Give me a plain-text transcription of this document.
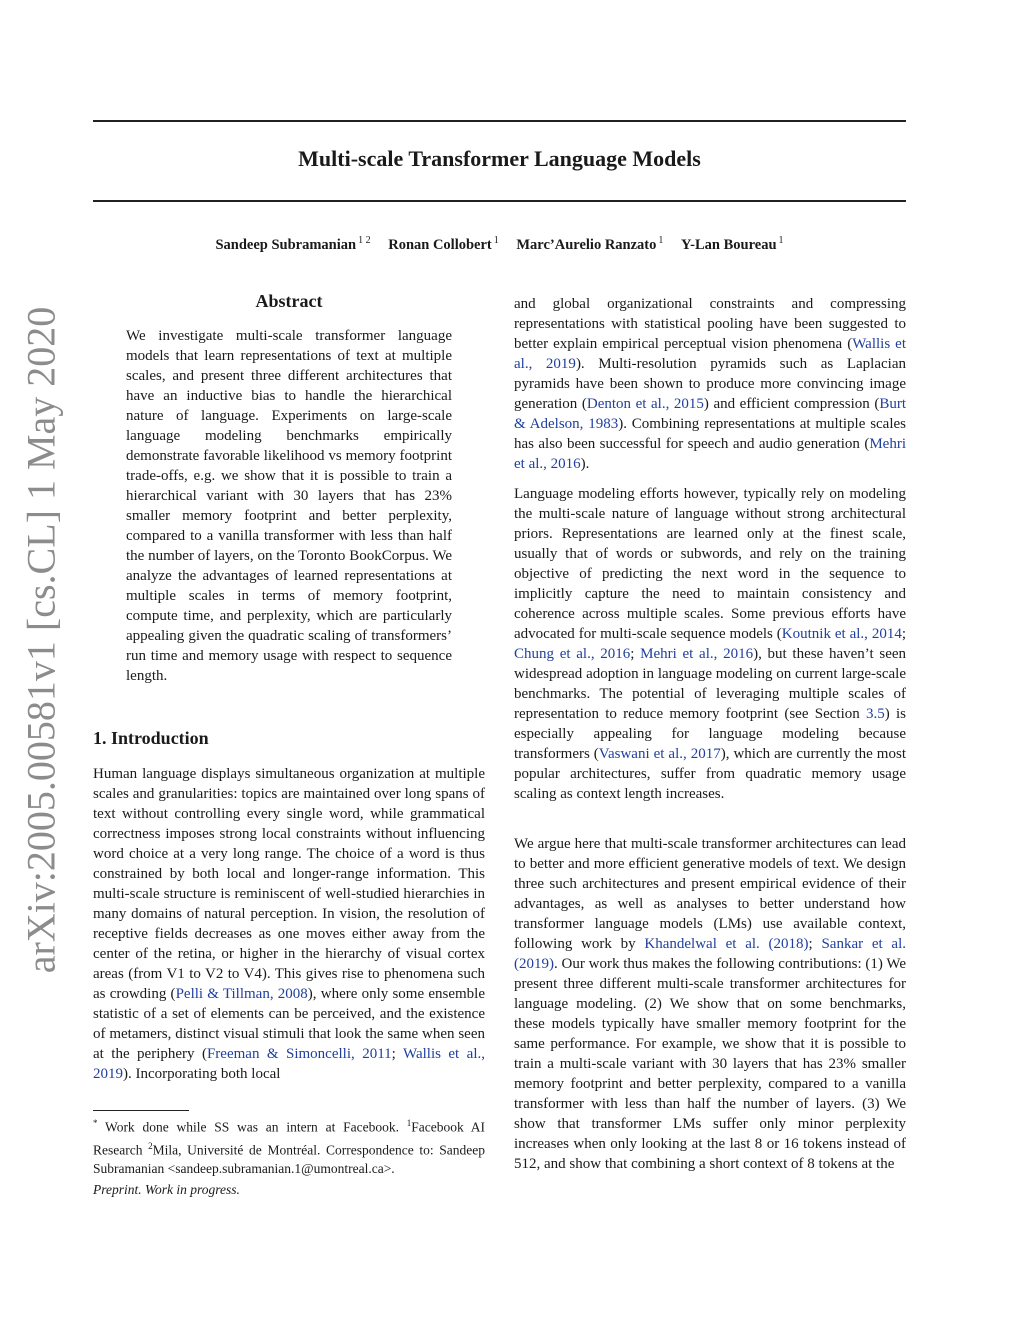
arXiv:2005.00581v1 [cs.CL] 1 May 2020
Multi-scale Transformer Language Models
Sandeep Subramanian $^{1 2}$ Ronan Collobert $^1$ Marc’Aurelio Ranzato $^1$ Y-Lan Boureau $^1$
Abstract

We investigate multi-scale transformer language models that learn representations of text at multiple scales, and present three different architectures that have an inductive bias to handle the hierarchical nature of language. Experiments on large-scale language modeling benchmarks empirically demonstrate favorable likelihood vs memory footprint trade-offs, e.g. we show that it is possible to train a hierarchical variant with 30 layers that has 23% smaller memory footprint and better perplexity, compared to a vanilla transformer with less than half the number of layers, on the Toronto BookCorpus. We analyze the advantages of learned representations at multiple scales in terms of memory footprint, compute time, and perplexity, which are particularly appealing given the quadratic scaling of transformers’ run time and memory usage with respect to sequence length.

1. Introduction

Human language displays simultaneous organization at multiple scales and granularities: topics are maintained over long spans of text without controlling every single word, while grammatical correctness imposes strong local constraints without influencing word choice at a very long range. The choice of a word is thus constrained by both local and longer-range information. This multi-scale structure is reminiscent of well-studied hierarchies in many domains of natural perception. In vision, the resolution of receptive fields decreases as one moves either away from the center of the retina, or higher in the hierarchy of visual cortex areas (from V1 to V2 to V4). This gives rise to phenomena such as crowding (Pelli & Tillman, 2008), where only some ensemble statistic of a set of elements can be perceived, and the existence of metamers, distinct visual stimuli that look the same when seen at the periphery (Freeman & Simoncelli, 2011; Wallis et al., 2019). Incorporating both local

* Work done while SS was an intern at Facebook. $^1$Facebook AI Research $^2$Mila, Université de Montréal. Correspondence to: Sandeep Subramanian <sandeep.subramanian.1@umontreal.ca>.

Preprint. Work in progress.

and global organizational constraints and compressing representations with statistical pooling have been suggested to better explain empirical perceptual vision phenomena (Wallis et al., 2019). Multi-resolution pyramids such as Laplacian pyramids have been shown to produce more convincing image generation (Denton et al., 2015) and efficient compression (Burt & Adelson, 1983). Combining representations at multiple scales has also been successful for speech and audio generation (Mehri et al., 2016).

Language modeling efforts however, typically rely on modeling the multi-scale nature of language without strong architectural priors. Representations are learned only at the finest scale, usually that of words or subwords, and rely on the training objective of predicting the next word in the sequence to implicitly capture the need to maintain consistency and coherence across multiple scales. Some previous efforts have advocated for multi-scale sequence models (Koutnik et al., 2014; Chung et al., 2016; Mehri et al., 2016), but these haven’t seen widespread adoption in language modeling on current large-scale benchmarks. The potential of leveraging multiple scales of representation to reduce memory footprint (see Section 3.5) is especially appealing for language modeling because transformers (Vaswani et al., 2017), which are currently the most popular architectures, suffer from quadratic memory usage scaling as context length increases.

We argue here that multi-scale transformer architectures can lead to better and more efficient generative models of text. We design three such architectures and present empirical evidence of their advantages, as well as analyses to better understand how transformer language models (LMs) use available context, following work by Khandelwal et al. (2018); Sankar et al. (2019). Our work thus makes the following contributions: (1) We present three different multi-scale transformer architectures for language modeling. (2) We show that on some benchmarks, these models typically have smaller memory footprint for the same performance. For example, we show that it is possible to train a multi-scale variant with 30 layers that has 23% smaller memory footprint and better perplexity, compared to a vanilla transformer with less than half the number of layers. (3) We show that transformer LMs suffer only minor perplexity increases when only looking at the last 8 or 16 tokens instead of 512, and show that combining a short context of 8 tokens at the
